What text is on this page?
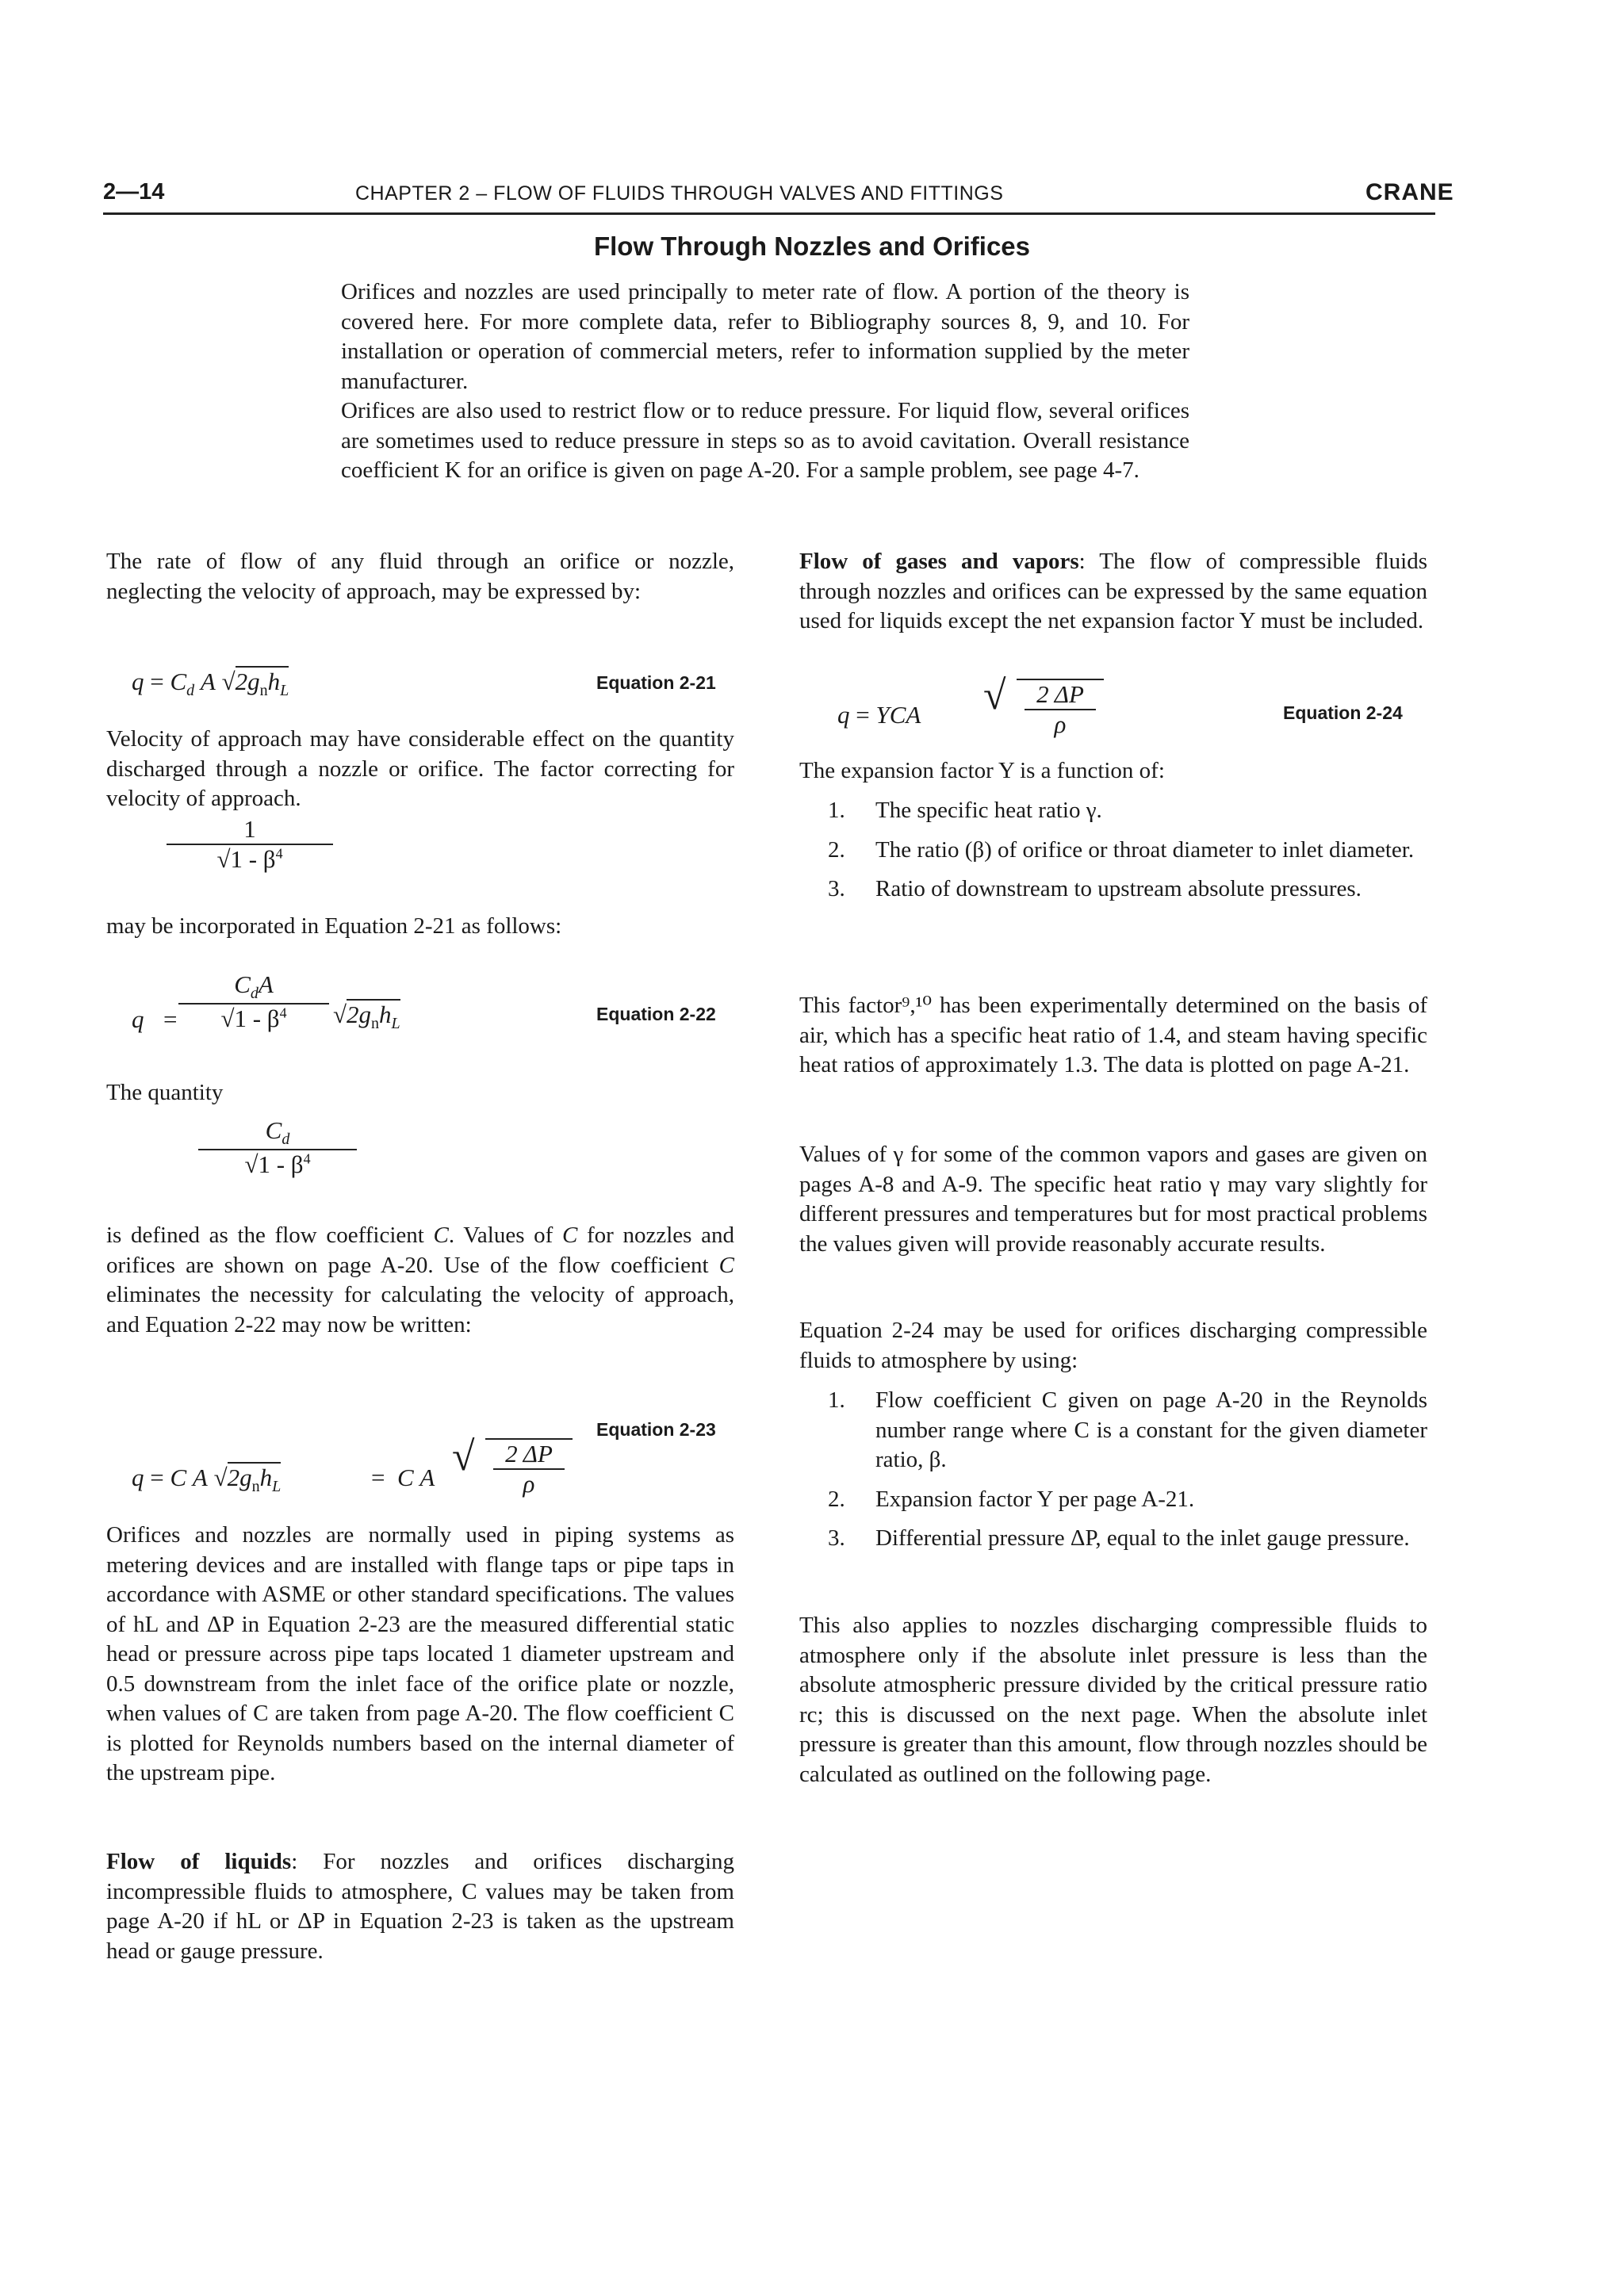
2—14	CHAPTER 2 – FLOW OF FLUIDS THROUGH VALVES AND FITTINGS	CRANE
Flow Through Nozzles and Orifices

Orifices and nozzles are used principally to meter rate of flow. A portion of the theory is covered here. For more complete data, refer to Bibliography sources 8, 9, and 10. For installation or operation of commercial meters, refer to information supplied by the meter manufacturer.

Orifices are also used to restrict flow or to reduce pressure. For liquid flow, several orifices are sometimes used to reduce pressure in steps so as to avoid cavitation. Overall resistance coefficient K for an orifice is given on page A-20. For a sample problem, see page 4-7.

The rate of flow of any fluid through an orifice or nozzle, neglecting the velocity of approach, may be expressed by:

$q = C_d$ A $√2g_nh_L$	Equation 2-21

Velocity of approach may have considerable effect on the quantity discharged through a nozzle or orifice. The factor correcting for velocity of approach.

1
$√1 - \beta^4$

may be incorporated in Equation 2-21 as follows:

q =
$C_dA$
$√1 - \beta^4$	$√2g_nh_L$	Equation 2-22

The quantity

$C_d$
$√1 - \beta^4$

is defined as the flow coefficient C. Values of C for nozzles and orifices are shown on page A-20. Use of the flow coefficient C eliminates the necessity for calculating the velocity of approach, and Equation 2-22 may now be written:

Equation 2-23
q = C A $√2g_nh_L$	= C A √	2 ΔP
ρ

Orifices and nozzles are normally used in piping systems as metering devices and are installed with flange taps or pipe taps in accordance with ASME or other standard specifications. The values of hL and ΔP in Equation 2-23 are the measured differential static head or pressure across pipe taps located 1 diameter upstream and 0.5 downstream from the inlet face of the orifice plate or nozzle, when values of C are taken from page A-20. The flow coefficient C is plotted for Reynolds numbers based on the internal diameter of the upstream pipe.

Flow of liquids: For nozzles and orifices discharging incompressible fluids to atmosphere, C values may be taken from page A-20 if hL or ΔP in Equation 2-23 is taken as the upstream head or gauge pressure.

Flow of gases and vapors: The flow of compressible fluids through nozzles and orifices can be expressed by the same equation used for liquids except the net expansion factor Y must be included.

q = YCA √	2 ΔP
ρ	Equation 2-24

The expansion factor Y is a function of:

1. The specific heat ratio γ.
2. The ratio (β) of orifice or throat diameter to inlet diameter.
3. Ratio of downstream to upstream absolute pressures.

This factor⁹,¹⁰ has been experimentally determined on the basis of air, which has a specific heat ratio of 1.4, and steam having specific heat ratios of approximately 1.3. The data is plotted on page A-21.

Values of γ for some of the common vapors and gases are given on pages A-8 and A-9. The specific heat ratio γ may vary slightly for different pressures and temperatures but for most practical problems the values given will provide reasonably accurate results.

Equation 2-24 may be used for orifices discharging compressible fluids to atmosphere by using:

1. Flow coefficient C given on page A-20 in the Reynolds number range where C is a constant for the given diameter ratio, β.
2. Expansion factor Y per page A-21.
3. Differential pressure ΔP, equal to the inlet gauge pressure.

This also applies to nozzles discharging compressible fluids to atmosphere only if the absolute inlet pressure is less than the absolute atmospheric pressure divided by the critical pressure ratio rc; this is discussed on the next page. When the absolute inlet pressure is greater than this amount, flow through nozzles should be calculated as outlined on the following page.
